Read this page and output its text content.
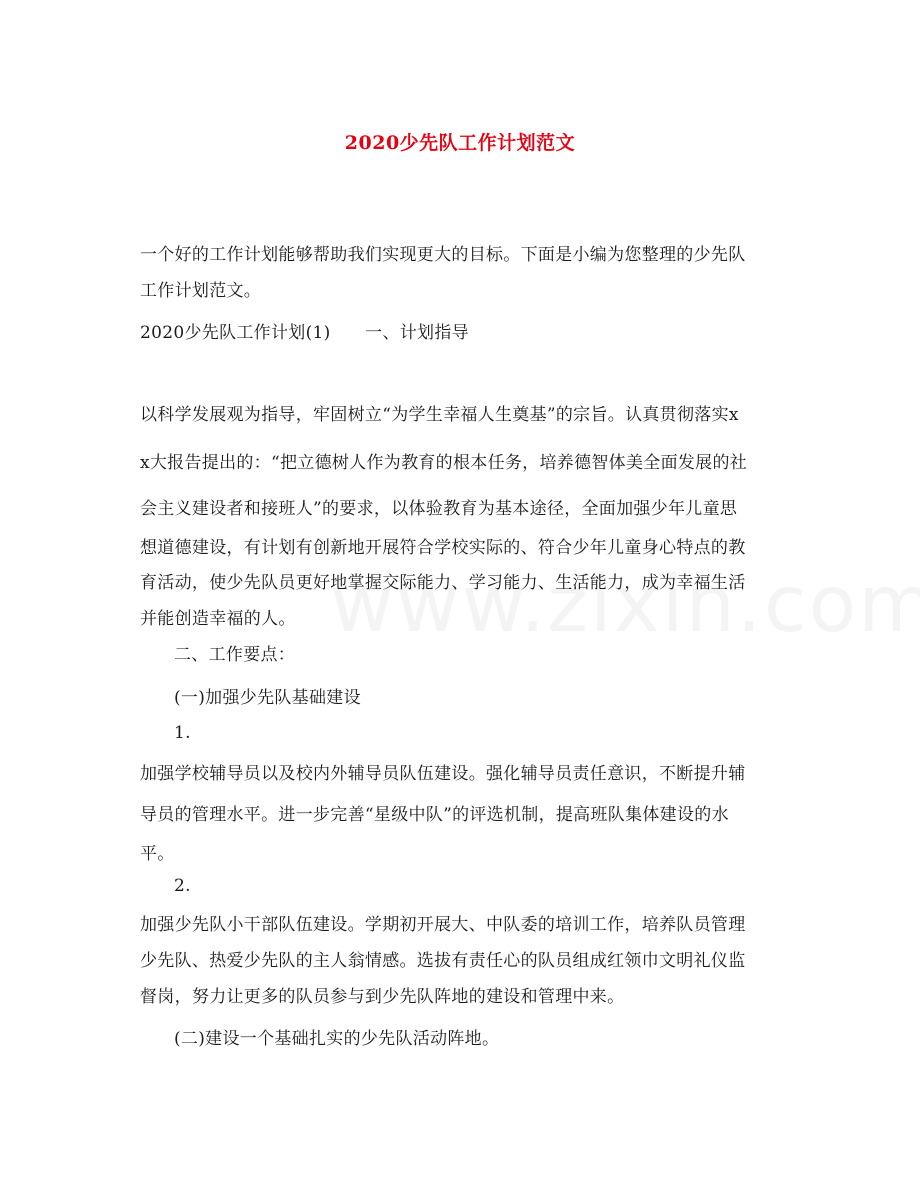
2020少先队工作计划范文
一个好的工作计划能够帮助我们实现更大的目标。下面是小编为您整理的少先队
工作计划范文。
2020少先队工作计划(1)　　一、计划指导
以科学发展观为指导，牢固树立“为学生幸福人生奠基”的宗旨。认真贯彻落实x
x大报告提出的：“把立德树人作为教育的根本任务，培养德智体美全面发展的社
会主义建设者和接班人”的要求，以体验教育为基本途径，全面加强少年儿童思
想道德建设，有计划有创新地开展符合学校实际的、符合少年儿童身心特点的教
育活动，使少先队员更好地掌握交际能力、学习能力、生活能力，成为幸福生活
并能创造幸福的人。
二、工作要点：
(一)加强少先队基础建设
1.
加强学校辅导员以及校内外辅导员队伍建设。强化辅导员责任意识，不断提升辅
导员的管理水平。进一步完善“星级中队”的评选机制，提高班队集体建设的水
平。
2.
加强少先队小干部队伍建设。学期初开展大、中队委的培训工作，培养队员管理
少先队、热爱少先队的主人翁情感。选拔有责任心的队员组成红领巾文明礼仪监
督岗，努力让更多的队员参与到少先队阵地的建设和管理中来。
(二)建设一个基础扎实的少先队活动阵地。
